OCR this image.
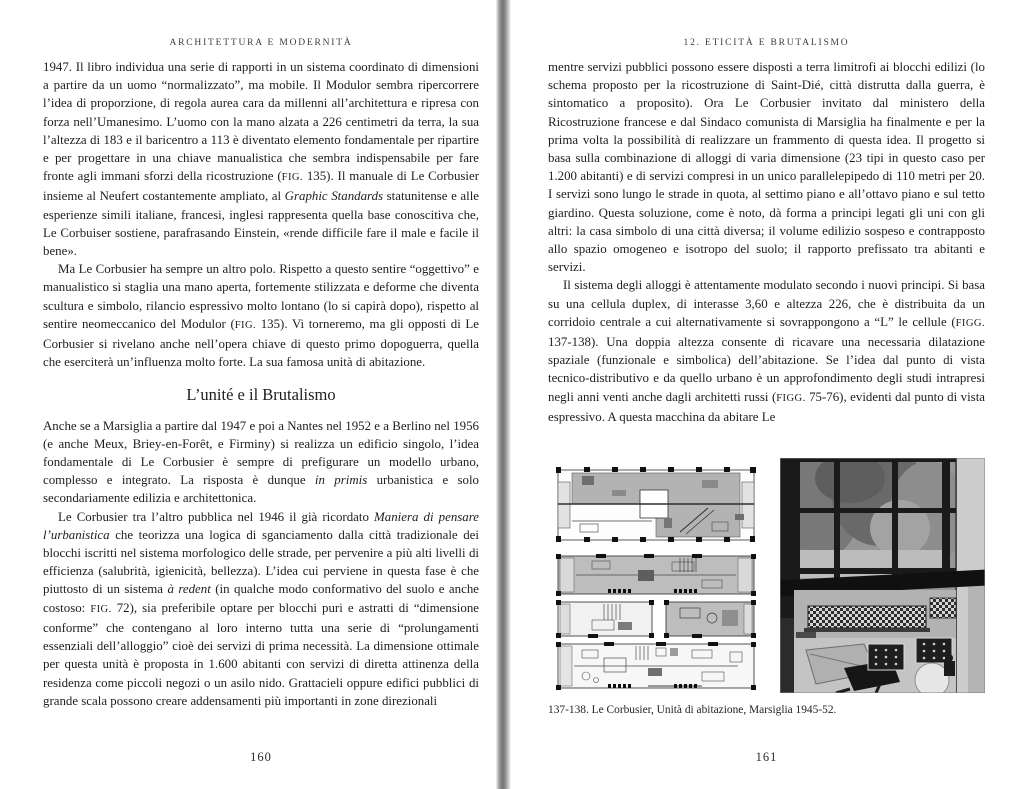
ARCHITETTURA E MODERNITÀ

1947. Il libro individua una serie di rapporti in un sistema coordinato di dimensioni a partire da un uomo “normalizzato”, ma mobile. Il Modulor sembra ripercorrere l’idea di proporzione, di regola aurea cara da millenni all’architettura e ripresa con forza nell’Umanesimo. L’uomo con la mano alzata a 226 centimetri da terra, la sua l’altezza di 183 e il baricentro a 113 è diventato elemento fondamentale per ripartire e per progettare in una chiave manualistica che sembra indispensabile per fare fronte agli immani sforzi della ricostruzione (FIG. 135). Il manuale di Le Corbusier insieme al Neufert costantemente ampliato, al Graphic Standards statunitense e alle esperienze simili italiane, francesi, inglesi rappresenta quella base conoscitiva che, Le Corbuiser sostiene, parafrasando Einstein, «rende difficile fare il male e facile il bene».

Ma Le Corbusier ha sempre un altro polo. Rispetto a questo sentire “oggettivo” e manualistico si staglia una mano aperta, fortemente stilizzata e deforme che diventa scultura e simbolo, rilancio espressivo molto lontano (lo si capirà dopo), rispetto al sentire neomeccanico del Modulor (FIG. 135). Vi torneremo, ma gli opposti di Le Corbusier si rivelano anche nell’opera chiave di questo primo dopoguerra, quella che eserciterà un’influenza molto forte. La sua famosa unità di abitazione.

L’unité e il Brutalismo

Anche se a Marsiglia a partire dal 1947 e poi a Nantes nel 1952 e a Berlino nel 1956 (e anche Meux, Briey-en-Forêt, e Firminy) si realizza un edificio singolo, l’idea fondamentale di Le Corbusier è sempre di prefigurare un modello urbano, complesso e integrato. La risposta è dunque in primis urbanistica e solo secondariamente edilizia e architettonica.

Le Corbusier tra l’altro pubblica nel 1946 il già ricordato Maniera di pensare l’urbanistica che teorizza una logica di sganciamento dalla città tradizionale dei blocchi iscritti nel sistema morfologico delle strade, per pervenire a più alti livelli di efficienza (salubrità, igienicità, bellezza). L’idea cui perviene in questa fase è che piuttosto di un sistema à redent (in qualche modo conformativo del suolo e anche costoso: FIG. 72), sia preferibile optare per blocchi puri e astratti di “dimensione conforme” che contengano al loro interno tutta una serie di “prolungamenti essenziali dell’alloggio” cioè dei servizi di prima necessità. La dimensione ottimale per questa unità è proposta in 1.600 abitanti con servizi di diretta attinenza della residenza come piccoli negozi o un asilo nido. Grattacieli oppure edifici pubblici di grande scala possono creare addensamenti più importanti in zone direzionali

160
12. ETICITÀ E BRUTALISMO

mentre servizi pubblici possono essere disposti a terra limitrofi ai blocchi edilizi (lo schema proposto per la ricostruzione di Saint-Dié, città distrutta dalla guerra, è sintomatico a proposito). Ora Le Corbusier invitato dal ministero della Ricostruzione francese e dal Sindaco comunista di Marsiglia ha finalmente e per la prima volta la possibilità di realizzare un frammento di questa idea. Il progetto si basa sulla combinazione di alloggi di varia dimensione (23 tipi in questo caso per 1.200 abitanti) e di servizi compresi in un unico parallelepipedo di 110 metri per 20. I servizi sono lungo le strade in quota, al settimo piano e all’ottavo piano e sul tetto giardino. Questa soluzione, come è noto, dà forma a principi legati gli uni con gli altri: la casa simbolo di una città diversa; il volume edilizio sospeso e contrapposto allo spazio omogeneo e isotropo del suolo; il rapporto prefissato tra abitanti e servizi.

Il sistema degli alloggi è attentamente modulato secondo i nuovi principi. Si basa su una cellula duplex, di interasse 3,60 e altezza 226, che è distribuita da un corridoio centrale a cui alternativamente si sovrappongono a “L” le cellule (FIGG. 137-138). Una doppia altezza consente di ricavare una necessaria dilatazione spaziale (funzionale e simbolica) dell’abitazione. Se l’idea dal punto di vista tecnico-distributivo e da quello urbano è un approfondimento degli studi intrapresi negli anni venti anche dagli architetti russi (FIGG. 75-76), evidenti dal punto di vista espressivo. A questa macchina da abitare Le

137-138. Le Corbusier, Unità di abitazione, Marsiglia 1945-52.
161
